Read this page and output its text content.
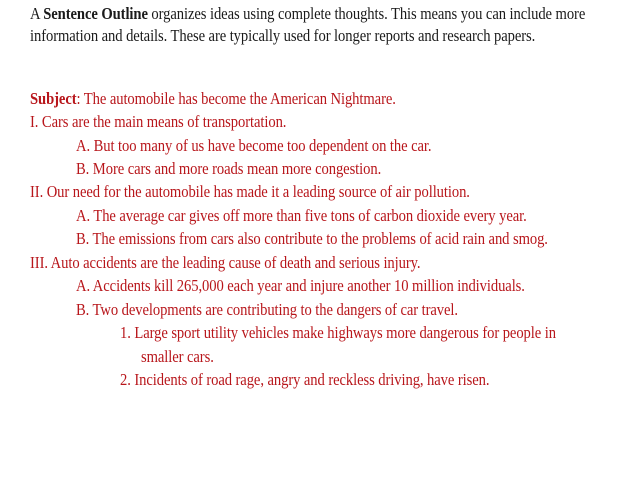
A Sentence Outline organizes ideas using complete thoughts. This means you can include more
information and details. These are typically used for longer reports and research papers.
Subject: The automobile has become the American Nightmare.
I. Cars are the main means of transportation.
A. But too many of us have become too dependent on the car.
B. More cars and more roads mean more congestion.
II. Our need for the automobile has made it a leading source of air pollution.
A. The average car gives off more than five tons of carbon dioxide every year.
B. The emissions from cars also contribute to the problems of acid rain and smog.
III. Auto accidents are the leading cause of death and serious injury.
A. Accidents kill 265,000 each year and injure another 10 million individuals.
B. Two developments are contributing to the dangers of car travel.
1. Large sport utility vehicles make highways more dangerous for people in
smaller cars.
2. Incidents of road rage, angry and reckless driving, have risen.
